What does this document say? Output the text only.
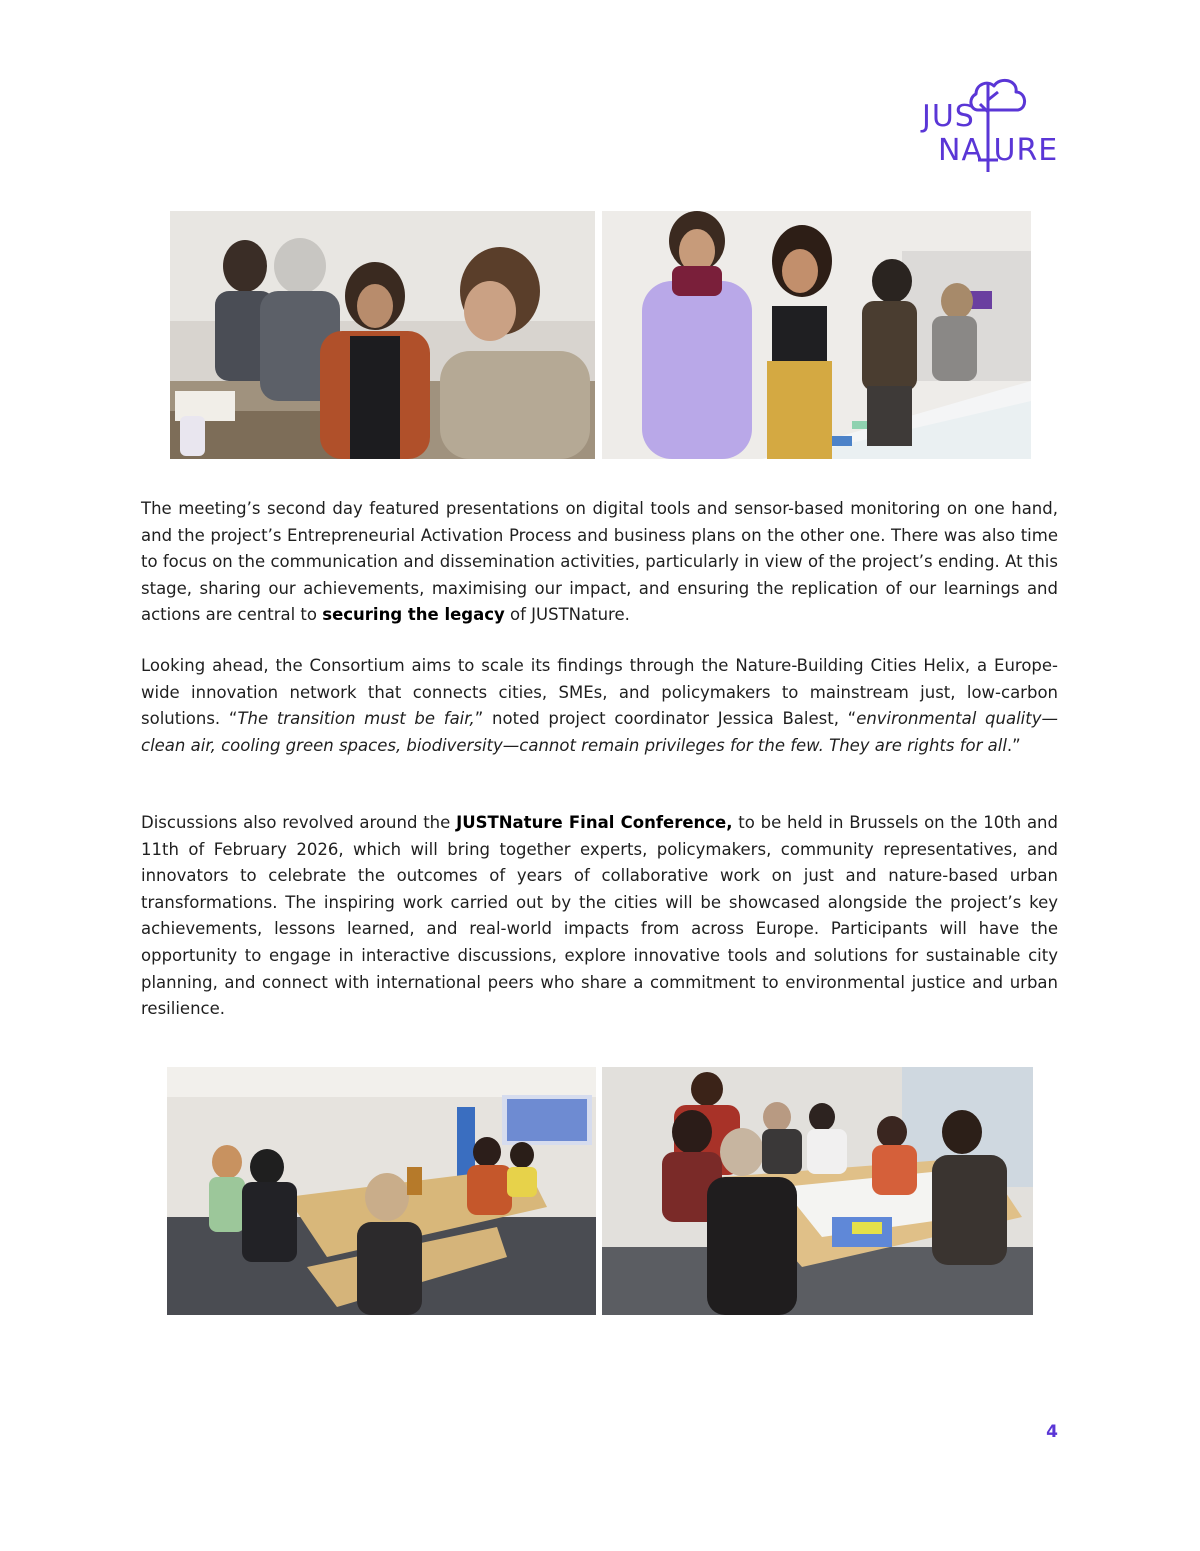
JUS
NA URE

The meeting’s second day featured presentations on digital tools and sensor-based monitoring on one hand, and the project’s Entrepreneurial Activation Process and business plans on the other one. There was also time to focus on the communication and dissemination activities, particularly in view of the project’s ending. At this stage, sharing our achievements, maximising our impact, and ensuring the replication of our learnings and actions are central to securing the legacy of JUSTNature.

Looking ahead, the Consortium aims to scale its findings through the Nature-Building Cities Helix, a Europe-wide innovation network that connects cities, SMEs, and policymakers to mainstream just, low-carbon solutions. “The transition must be fair,” noted project coordinator Jessica Balest, “environmental quality—clean air, cooling green spaces, biodiversity—cannot remain privileges for the few. They are rights for all.”

Discussions also revolved around the JUSTNature Final Conference, to be held in Brussels on the 10th and 11th of February 2026, which will bring together experts, policymakers, community representatives, and innovators to celebrate the outcomes of years of collaborative work on just and nature-based urban transformations. The inspiring work carried out by the cities will be showcased alongside the project’s key achievements, lessons learned, and real-world impacts from across Europe. Participants will have the opportunity to engage in interactive discussions, explore innovative tools and solutions for sustainable city planning, and connect with international peers who share a commitment to environmental justice and urban resilience.

4
